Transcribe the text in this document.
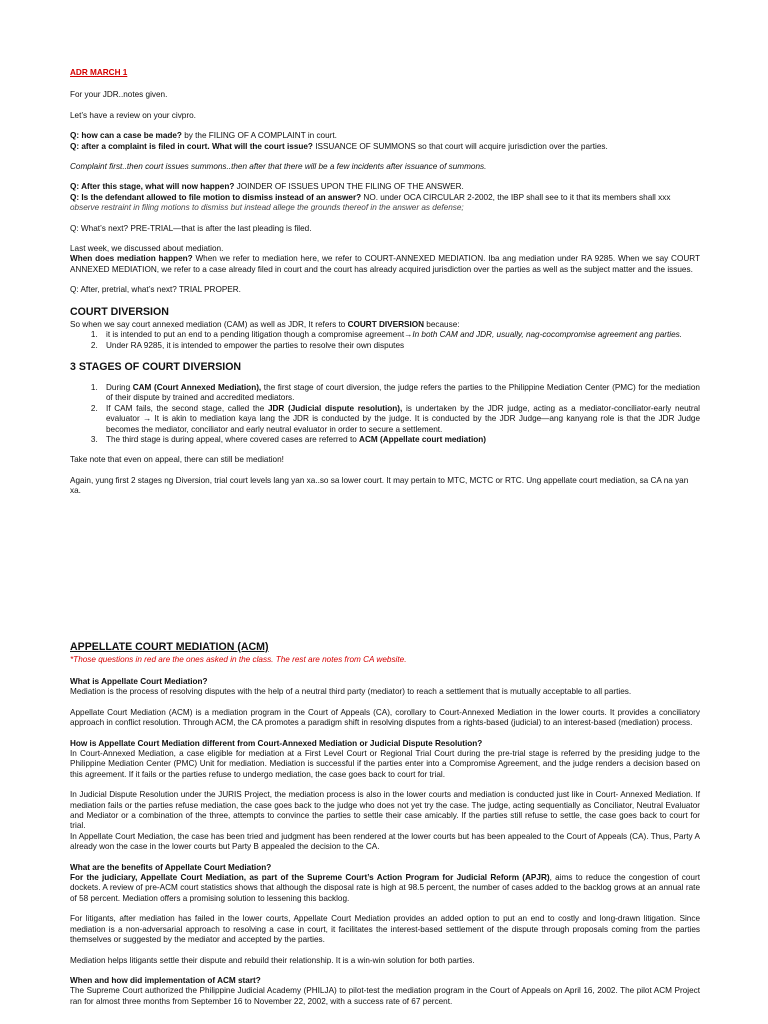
ADR MARCH 1

For your JDR..notes given.

Let’s have a review on your civpro.

Q: how can a case be made? by the FILING OF A COMPLAINT in court.

Q: after a complaint is filed in court. What will the court issue? ISSUANCE OF SUMMONS so that court will acquire jurisdiction over the parties.

Complaint first..then court issues summons..then after that there will be a few incidents after issuance of summons.

Q: After this stage, what will now happen? JOINDER OF ISSUES UPON THE FILING OF THE ANSWER.

Q: Is the defendant allowed to file motion to dismiss instead of an answer? NO. under OCA CIRCULAR 2-2002, the IBP shall see to it that its members shall xxx observe restraint in filing motions to dismiss but instead allege the grounds thereof in the answer as defense;

Q: What’s next? PRE-TRIAL—that is after the last pleading is filed.

Last week, we discussed about mediation.

When does mediation happen? When we refer to mediation here, we refer to COURT-ANNEXED MEDIATION. Iba ang mediation under RA 9285. When we say COURT ANNEXED MEDIATION, we refer to a case already filed in court and the court has already acquired jurisdiction over the parties as well as the subject matter and the issues.

Q: After, pretrial, what’s next? TRIAL PROPER.

COURT DIVERSION
So when we say court annexed mediation (CAM) as well as JDR, It refers to COURT DIVERSION because:
1. it is intended to put an end to a pending litigation though a compromise agreement→In both CAM and JDR, usually, nag-cocompromise agreement ang parties.
2. Under RA 9285, it is intended to empower the parties to resolve their own disputes
3 STAGES OF COURT DIVERSION
1. During CAM (Court Annexed Mediation), the first stage of court diversion, the judge refers the parties to the Philippine Mediation Center (PMC) for the mediation of their dispute by trained and accredited mediators.
2. If CAM fails, the second stage, called the JDR (Judicial dispute resolution), is undertaken by the JDR judge, acting as a mediator-conciliator-early neutral evaluator → It is akin to mediation kaya lang the JDR is conducted by the judge. It is conducted by the JDR Judge—ang kanyang role is that the JDR Judge becomes the mediator, conciliator and early neutral evaluator in order to secure a settlement.
3. The third stage is during appeal, where covered cases are referred to ACM (Appellate court mediation)

Take note that even on appeal, there can still be mediation!

Again, yung first 2 stages ng Diversion, trial court levels lang yan xa..so sa lower court. It may pertain to MTC, MCTC or RTC. Ung appellate court mediation, sa CA na yan xa.

APPELLATE COURT MEDIATION (ACM)

*Those questions in red are the ones asked in the class. The rest are notes from CA website.

What is Appellate Court Mediation?

Mediation is the process of resolving disputes with the help of a neutral third party (mediator) to reach a settlement that is mutually acceptable to all parties.

Appellate Court Mediation (ACM) is a mediation program in the Court of Appeals (CA), corollary to Court-Annexed Mediation in the lower courts. It provides a conciliatory approach in conflict resolution. Through ACM, the CA promotes a paradigm shift in resolving disputes from a rights-based (judicial) to an interest-based (mediation) process.

How is Appellate Court Mediation different from Court-Annexed Mediation or Judicial Dispute Resolution?

In Court-Annexed Mediation, a case eligible for mediation at a First Level Court or Regional Trial Court during the pre-trial stage is referred by the presiding judge to the Philippine Mediation Center (PMC) Unit for mediation. Mediation is successful if the parties enter into a Compromise Agreement, and the judge renders a decision based on this agreement. If it fails or the parties refuse to undergo mediation, the case goes back to court for trial.

In Judicial Dispute Resolution under the JURIS Project, the mediation process is also in the lower courts and mediation is conducted just like in Court- Annexed Mediation. If mediation fails or the parties refuse mediation, the case goes back to the judge who does not yet try the case. The judge, acting sequentially as Conciliator, Neutral Evaluator and Mediator or a combination of the three, attempts to convince the parties to settle their case amicably. If the parties still refuse to settle, the case goes back to court for trial.

In Appellate Court Mediation, the case has been tried and judgment has been rendered at the lower courts but has been appealed to the Court of Appeals (CA). Thus, Party A already won the case in the lower courts but Party B appealed the decision to the CA.

What are the benefits of Appellate Court Mediation?

For the judiciary, Appellate Court Mediation, as part of the Supreme Court’s Action Program for Judicial Reform (APJR), aims to reduce the congestion of court dockets. A review of pre-ACM court statistics shows that although the disposal rate is high at 98.5 percent, the number of cases added to the backlog grows at an annual rate of 58 percent. Mediation offers a promising solution to lessening this backlog.

For litigants, after mediation has failed in the lower courts, Appellate Court Mediation provides an added option to put an end to costly and long-drawn litigation. Since mediation is a non-adversarial approach to resolving a case in court, it facilitates the interest-based settlement of the dispute through proposals coming from the parties themselves or suggested by the mediator and accepted by the parties.

Mediation helps litigants settle their dispute and rebuild their relationship. It is a win-win solution for both parties.

When and how did implementation of ACM start?

The Supreme Court authorized the Philippine Judicial Academy (PHILJA) to pilot-test the mediation program in the Court of Appeals on April 16, 2002. The pilot ACM Project ran for almost three months from September 16 to November 22, 2002, with a success rate of 67 percent.
